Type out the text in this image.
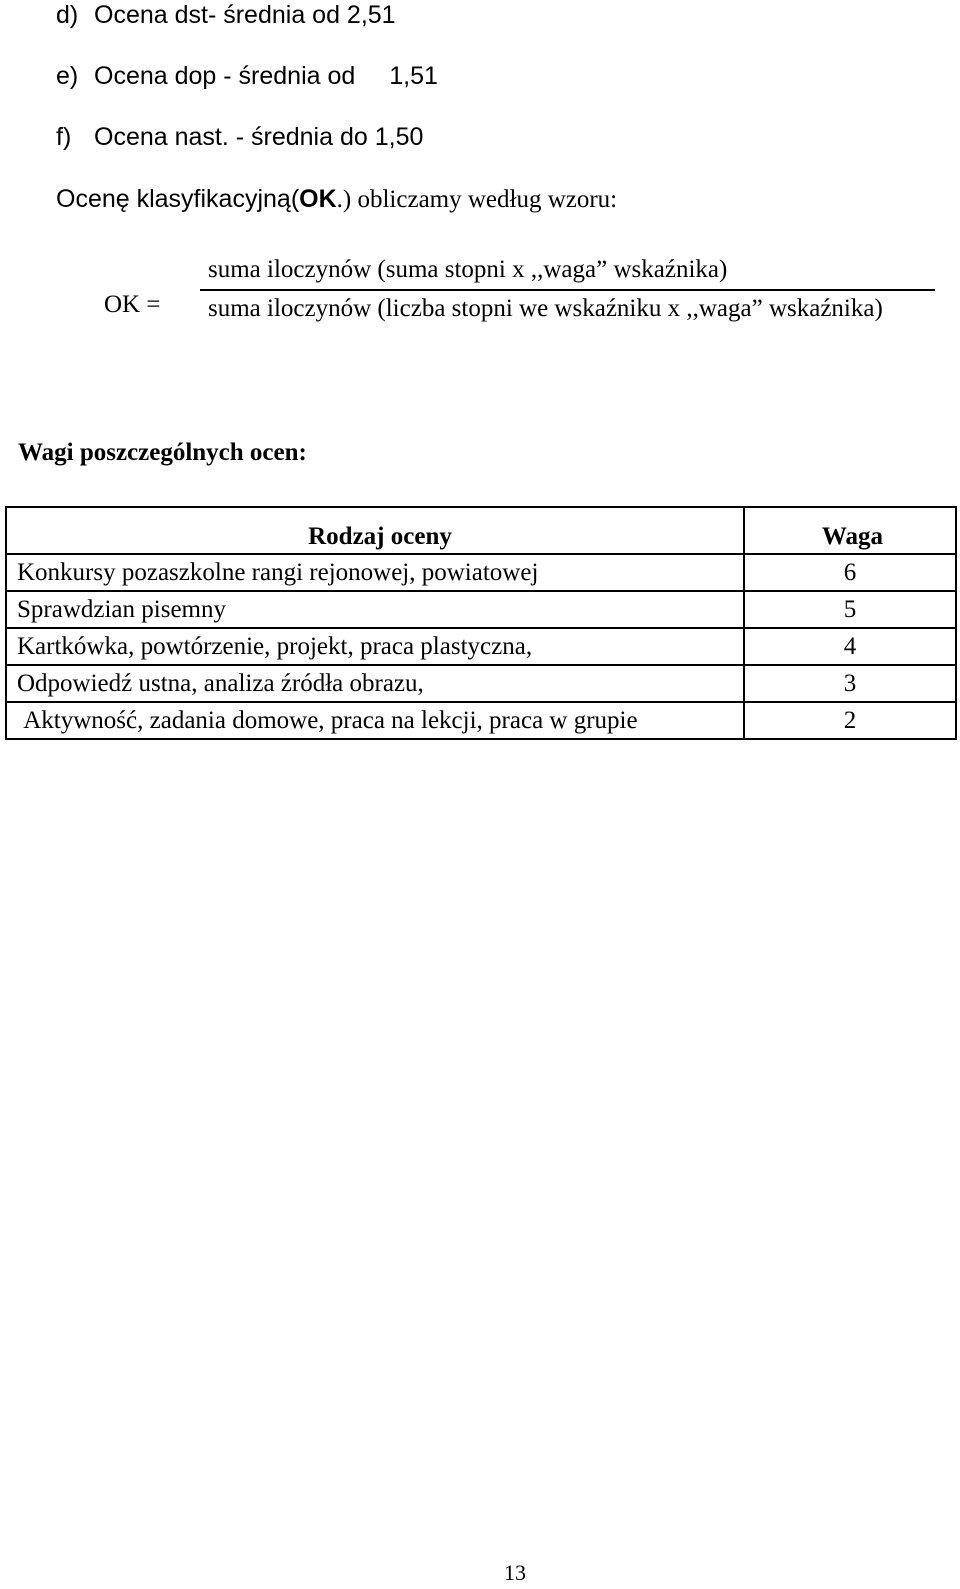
d) Ocena dst- średnia od 2,51
e) Ocena dop - średnia od 1,51
f) Ocena nast. - średnia do 1,50
Ocenę klasyfikacyjną(OK.) obliczamy według wzoru:
OK =
suma iloczynów (suma stopni x ,,waga” wskaźnika)
suma iloczynów (liczba stopni we wskaźniku x ,,waga” wskaźnika)
Wagi poszczególnych ocen:
Rodzaj oceny	Waga
Konkursy pozaszkolne rangi rejonowej, powiatowej	6
Sprawdzian pisemny	5
Kartkówka, powtórzenie, projekt, praca plastyczna,	4
Odpowiedź ustna, analiza źródła obrazu,	3
Aktywność, zadania domowe, praca na lekcji, praca w grupie	2
13
